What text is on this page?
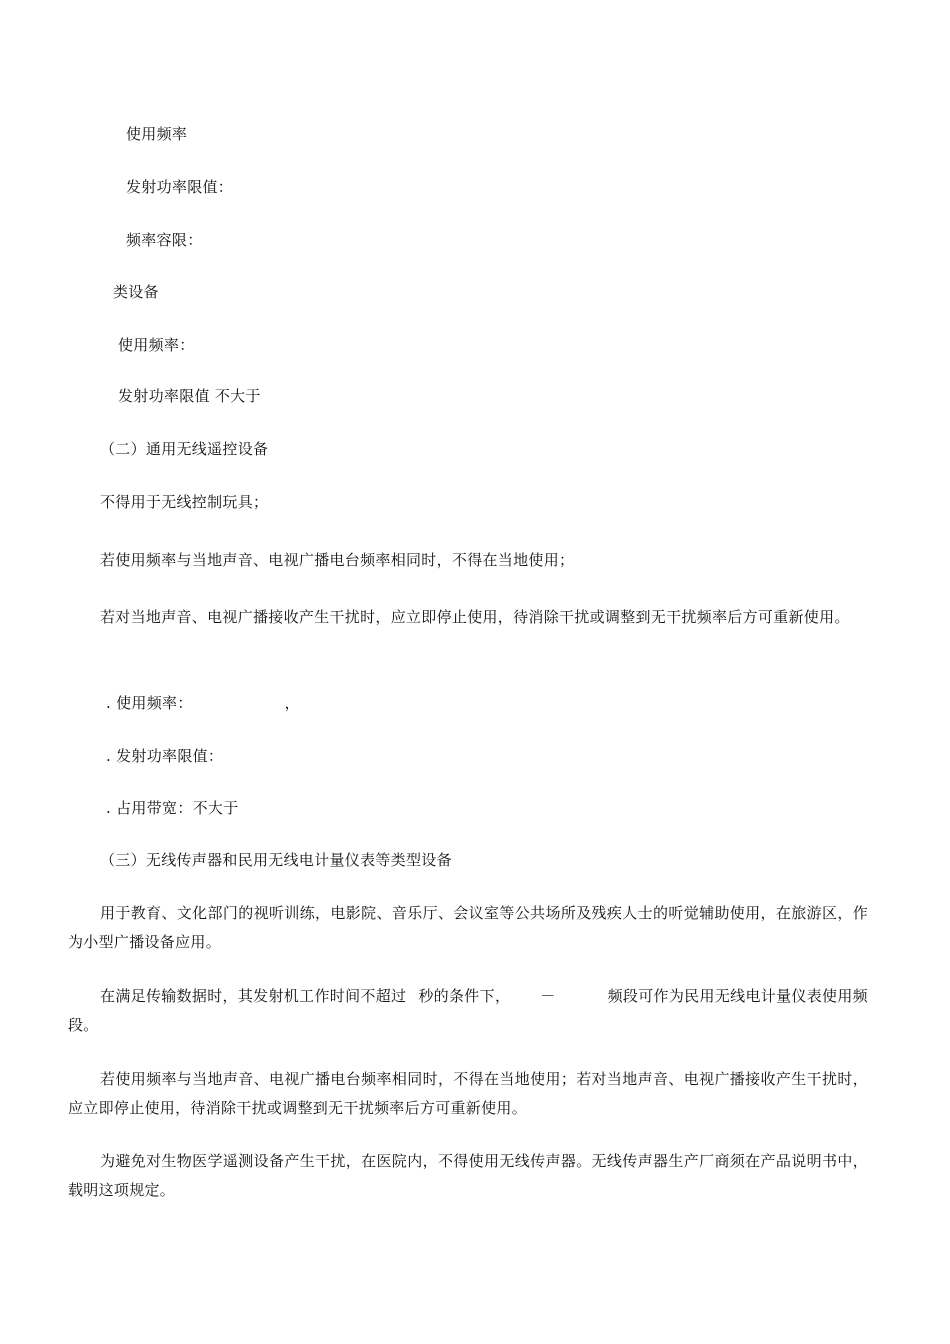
使用频率
发射功率限值：
频率容限：
类设备
使用频率：
发射功率限值 不大于
（二）通用无线遥控设备
不得用于无线控制玩具；
若使用频率与当地声音、电视广播电台频率相同时，不得在当地使用；
若对当地声音、电视广播接收产生干扰时，应立即停止使用，待消除干扰或调整到无干扰频率后方可重新使用。
. 使用频率：	，
. 发射功率限值：
. 占用带宽：不大于
（三）无线传声器和民用无线电计量仪表等类型设备
用于教育、文化部门的视听训练，电影院、音乐厅、会议室等公共场所及残疾人士的听觉辅助使用，在旅游区，作为小型广播设备应用。
在满足传输数据时，其发射机工作时间不超过 秒的条件下， －	频段可作为民用无线电计量仪表使用频段。
若使用频率与当地声音、电视广播电台频率相同时，不得在当地使用；若对当地声音、电视广播接收产生干扰时，应立即停止使用，待消除干扰或调整到无干扰频率后方可重新使用。
为避免对生物医学遥测设备产生干扰，在医院内，不得使用无线传声器。无线传声器生产厂商须在产品说明书中，载明这项规定。
